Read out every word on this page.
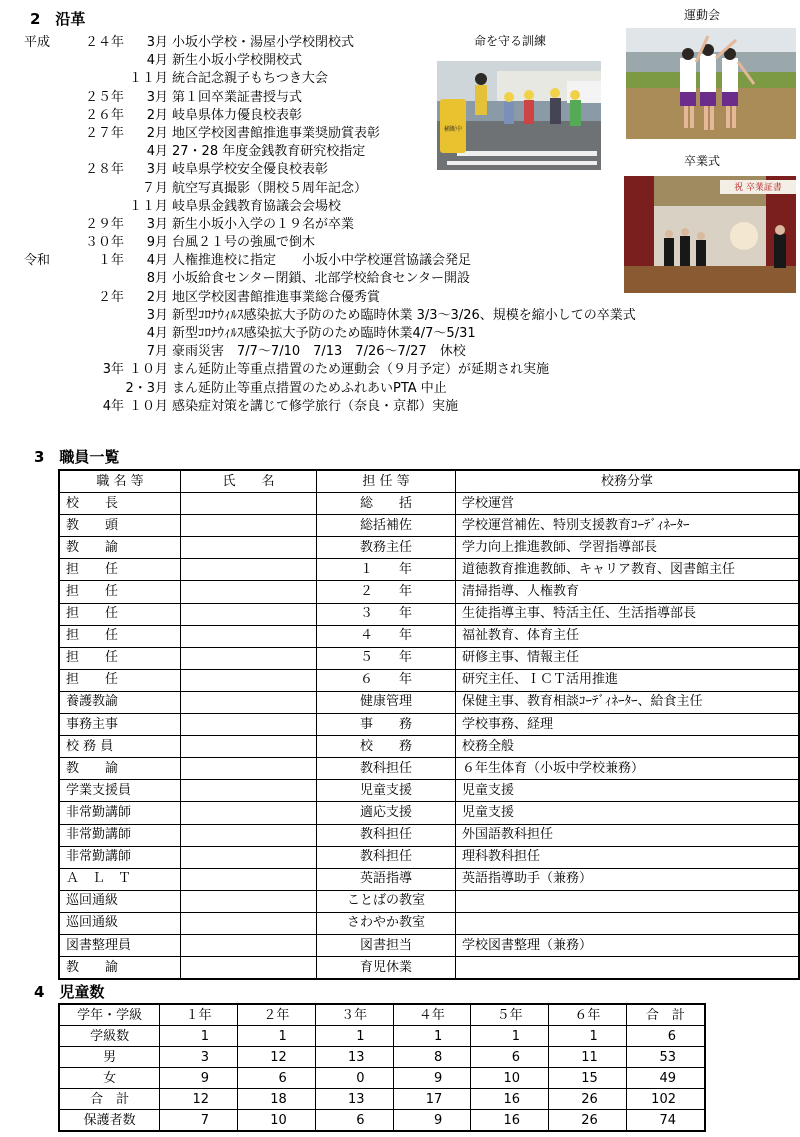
2　沿革
平成	２４年	3月 小坂小学校・湯屋小学校閉校式
4月 新生小坂小学校開校式
１１月 統合記念親子もちつき大会
２５年	3月 第１回卒業証書授与式
２６年	2月 岐阜県体力優良校表彰
２７年	2月 地区学校図書館推進事業奨励賞表彰
4月 27・28 年度金銭教育研究校指定
２８年	3月 岐阜県学校安全優良校表彰
７月 航空写真撮影（開校５周年記念）
１１月 岐阜県金銭教育協議会会場校
２９年	3月 新生小坂小入学の１９名が卒業
３０年	9月 台風２１号の強風で倒木
令和	１年	4月 人権推進校に指定　　小坂小中学校運営協議会発足
8月 小坂給食センター閉鎖、北部学校給食センター開設
２年	2月 地区学校図書館推進事業総合優秀賞
3月 新型ｺﾛﾅｳｨﾙｽ感染拡大予防のため臨時休業 3/3～3/26、規模を縮小しての卒業式
4月 新型ｺﾛﾅｳｨﾙｽ感染拡大予防のため臨時休業4/7～5/31
7月 豪雨災害　7/7～7/10　7/13　7/26～7/27　休校
3年 １０月 まん延防止等重点措置のため運動会（９月予定）が延期され実施
2・3月 まん延防止等重点措置のためふれあいPTA 中止
4年 １０月 感染症対策を講じて修学旅行（奈良・京都）実施
命を守る訓練
運動会
卒業式
横断中
祝 卒業証書
3　職員一覧
職 名 等	氏　　名	担 任 等	校務分掌
校　　長		総　　括	学校運営
教　　頭		総括補佐	学校運営補佐、特別支援教育ｺｰﾃﾞｨﾈｰﾀｰ
教　　諭		教務主任	学力向上推進教師、学習指導部長
担　　任		１　　年	道徳教育推進教師、キャリア教育、図書館主任
担　　任		２　　年	清掃指導、人権教育
担　　任		３　　年	生徒指導主事、特活主任、生活指導部長
担　　任		４　　年	福祉教育、体育主任
担　　任		５　　年	研修主事、情報主任
担　　任		６　　年	研究主任、ＩＣＴ活用推進
養護教諭		健康管理	保健主事、教育相談ｺｰﾃﾞｨﾈｰﾀｰ、給食主任
事務主事		事　　務	学校事務、経理
校 務 員		校　　務	校務全般
教　　諭		教科担任	６年生体育（小坂中学校兼務）
学業支援員		児童支援	児童支援
非常勤講師		適応支援	児童支援
非常勤講師		教科担任	外国語教科担任
非常勤講師		教科担任	理科教科担任
Ａ　Ｌ　Ｔ		英語指導	英語指導助手（兼務）
巡回通級		ことばの教室	
巡回通級		さわやか教室	
図書整理員		図書担当	学校図書整理（兼務）
教　　諭		育児休業	
4　児童数
学年・学級	１年	２年	３年	４年	５年	６年	合　計
学級数	1	1	1	1	1	1	6
男	3	12	13	8	6	11	53
女	9	6	0	9	10	15	49
合　計	12	18	13	17	16	26	102
保護者数	7	10	6	9	16	26	74
